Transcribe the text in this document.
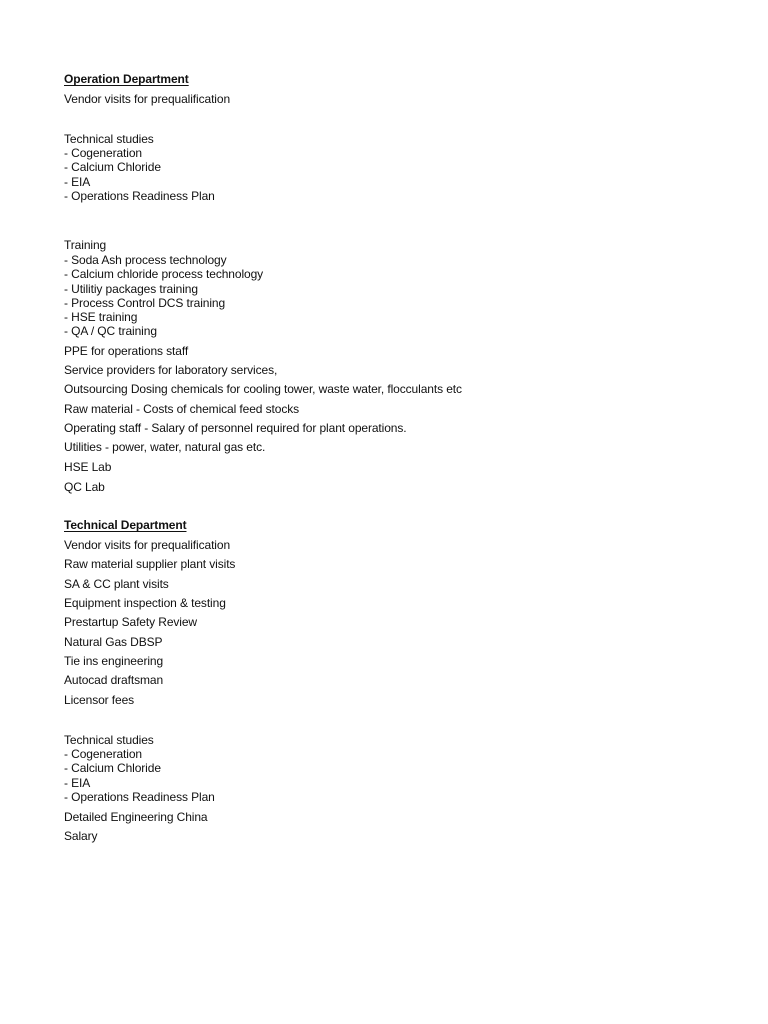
Operation Department
Vendor visits for prequalification
Technical studies
- Cogeneration
- Calcium Chloride
- EIA
- Operations Readiness Plan
Training
- Soda Ash process technology
- Calcium chloride process technology
- Utilitiy packages training
- Process Control DCS training
- HSE training
- QA / QC training
PPE for operations staff
Service providers for laboratory services,
Outsourcing Dosing chemicals for cooling tower, waste water, flocculants etc
Raw material - Costs of chemical feed stocks
Operating staff - Salary of personnel required for plant operations.
Utilities - power, water, natural gas etc.
HSE Lab
QC Lab
Technical Department
Vendor visits for prequalification
Raw material supplier plant visits
SA & CC plant visits
Equipment inspection & testing
Prestartup Safety Review
Natural Gas DBSP
Tie ins engineering
Autocad draftsman
Licensor fees
Technical studies
- Cogeneration
- Calcium Chloride
- EIA
- Operations Readiness Plan
Detailed Engineering China
Salary
